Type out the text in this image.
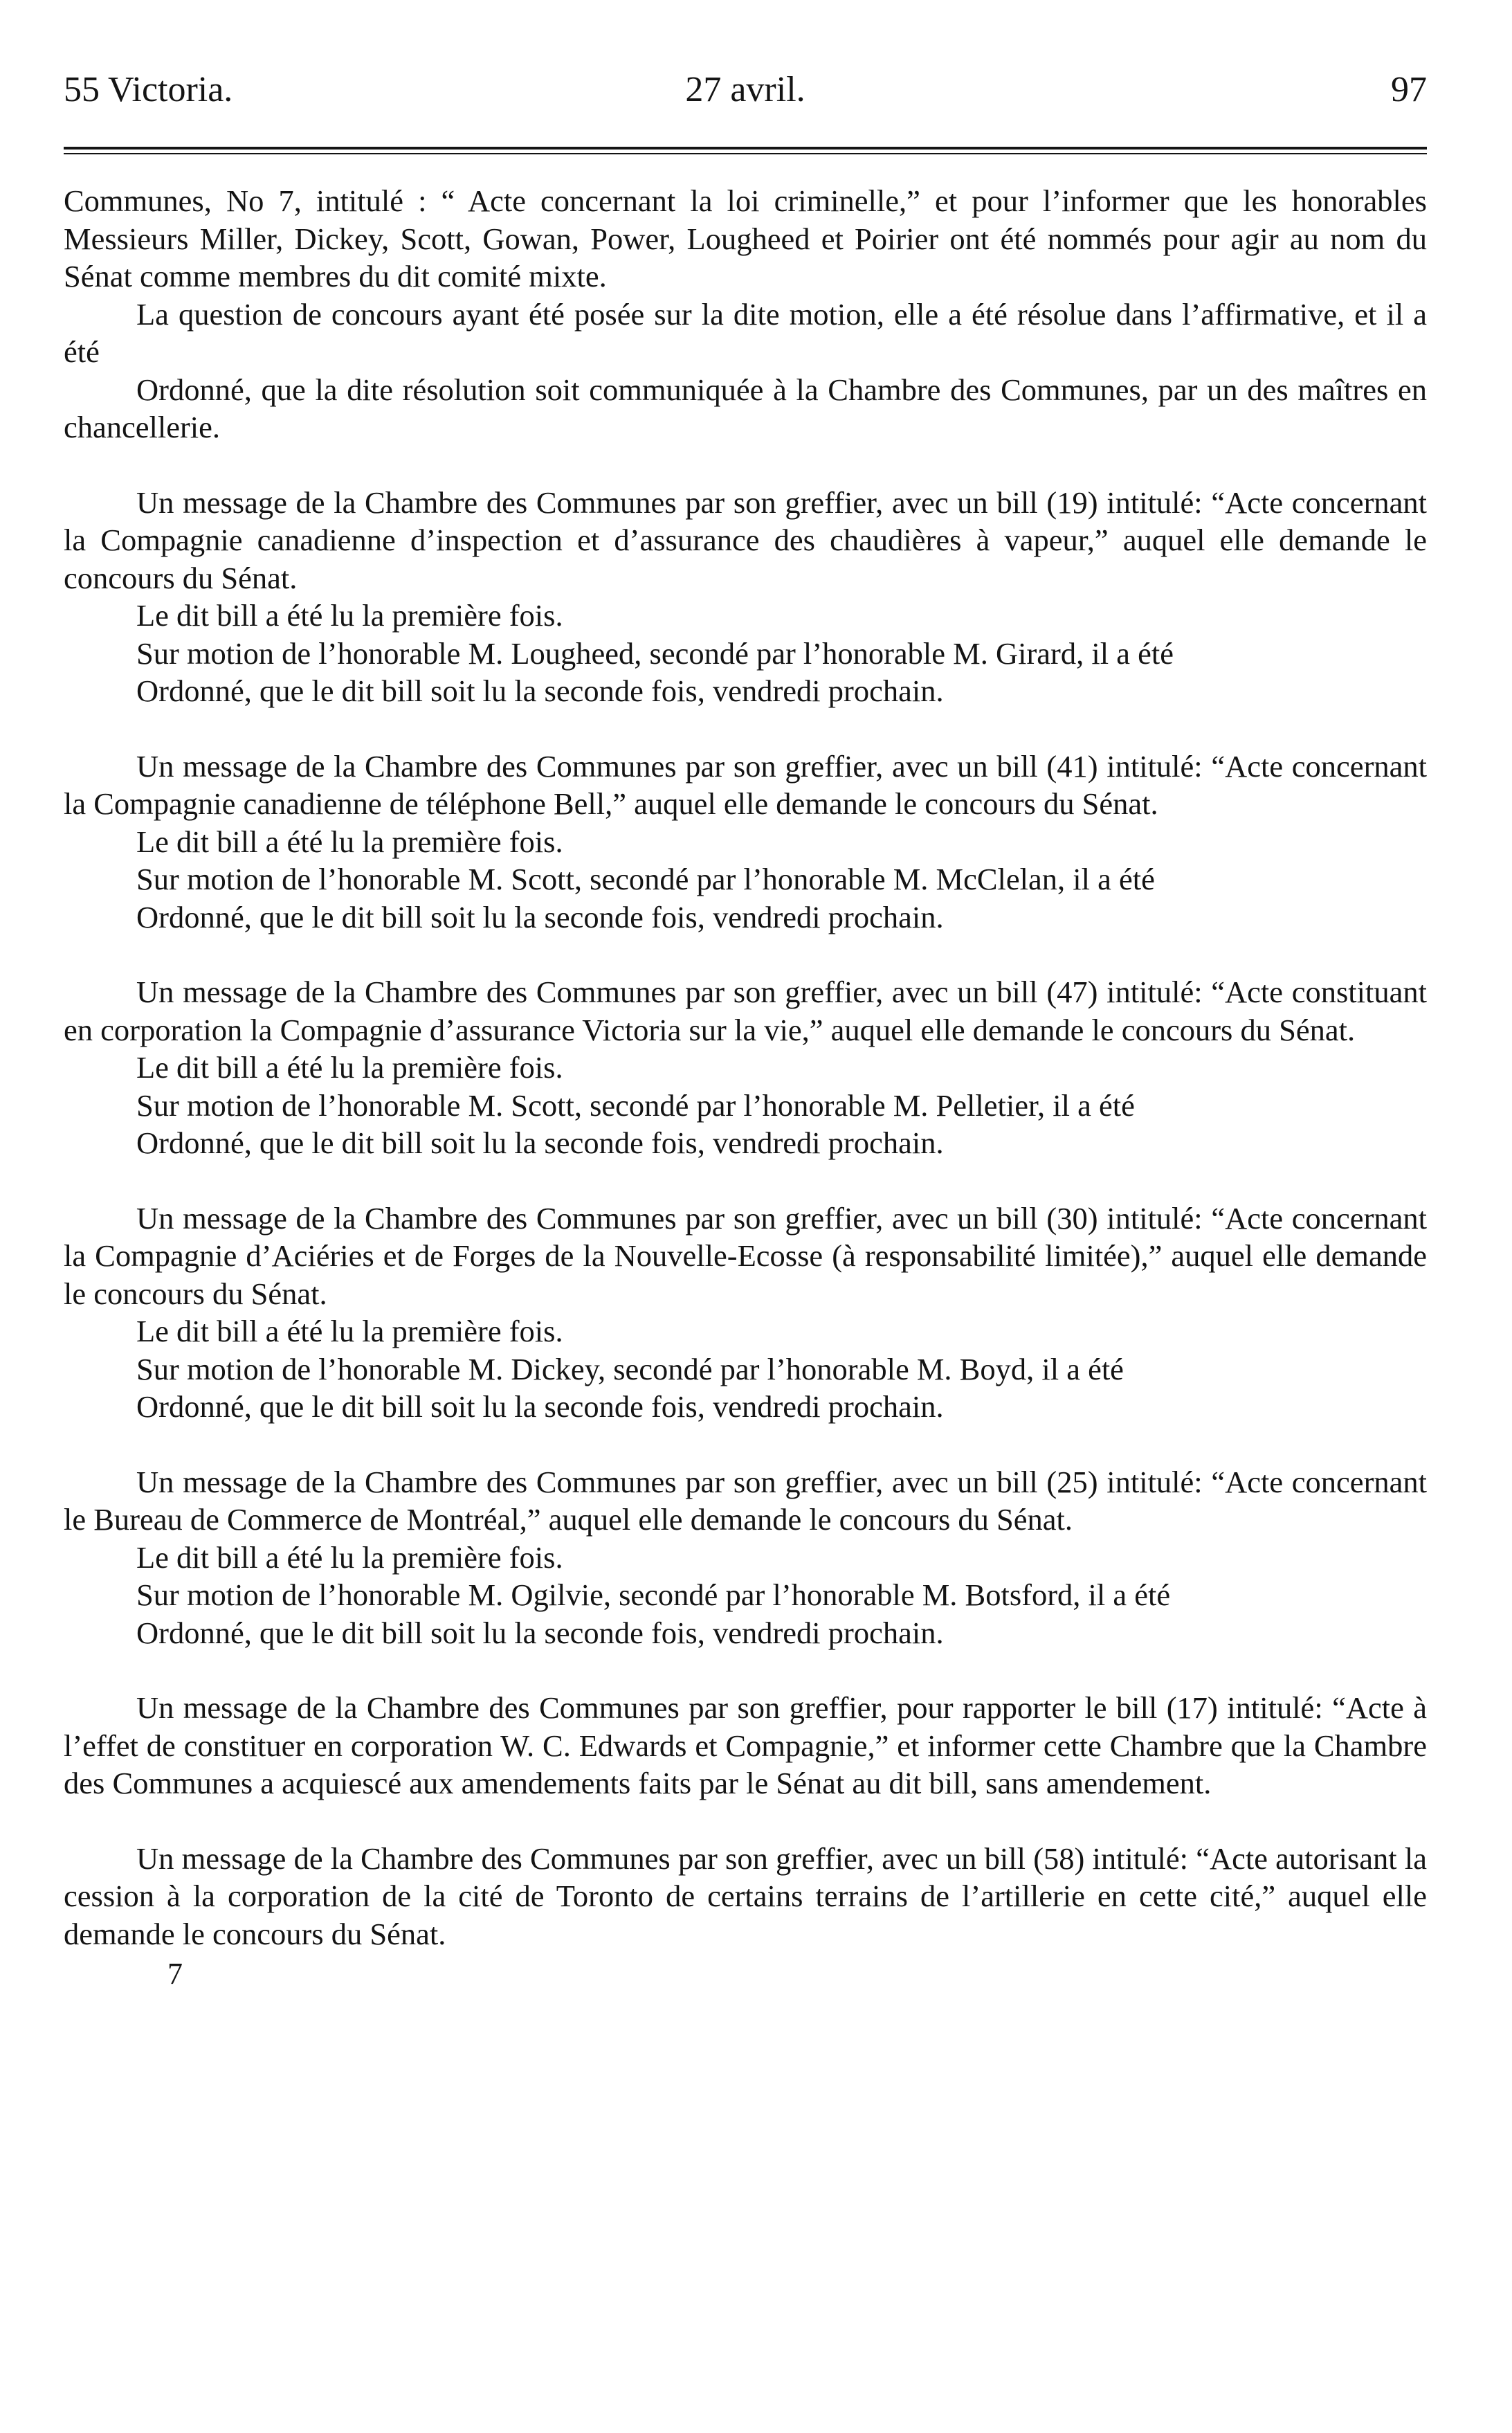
55 Victoria.	27 avril.	97

Communes, No 7, intitulé : “ Acte concernant la loi criminelle,” et pour l’informer que les honorables Messieurs Miller, Dickey, Scott, Gowan, Power, Lougheed et Poirier ont été nommés pour agir au nom du Sénat comme membres du dit comité mixte.

La question de concours ayant été posée sur la dite motion, elle a été résolue dans l’affirmative, et il a été

Ordonné, que la dite résolution soit communiquée à la Chambre des Communes, par un des maîtres en chancellerie.

Un message de la Chambre des Communes par son greffier, avec un bill (19) intitulé: “Acte concernant la Compagnie canadienne d’inspection et d’assurance des chaudières à vapeur,” auquel elle demande le concours du Sénat.

Le dit bill a été lu la première fois.

Sur motion de l’honorable M. Lougheed, secondé par l’honorable M. Girard, il a été

Ordonné, que le dit bill soit lu la seconde fois, vendredi prochain.

Un message de la Chambre des Communes par son greffier, avec un bill (41) intitulé: “Acte concernant la Compagnie canadienne de téléphone Bell,” auquel elle demande le concours du Sénat.

Le dit bill a été lu la première fois.

Sur motion de l’honorable M. Scott, secondé par l’honorable M. McClelan, il a été

Ordonné, que le dit bill soit lu la seconde fois, vendredi prochain.

Un message de la Chambre des Communes par son greffier, avec un bill (47) intitulé: “Acte constituant en corporation la Compagnie d’assurance Victoria sur la vie,” auquel elle demande le concours du Sénat.

Le dit bill a été lu la première fois.

Sur motion de l’honorable M. Scott, secondé par l’honorable M. Pelletier, il a été

Ordonné, que le dit bill soit lu la seconde fois, vendredi prochain.

Un message de la Chambre des Communes par son greffier, avec un bill (30) intitulé: “Acte concernant la Compagnie d’Aciéries et de Forges de la Nouvelle-Ecosse (à responsabilité limitée),” auquel elle demande le concours du Sénat.

Le dit bill a été lu la première fois.

Sur motion de l’honorable M. Dickey, secondé par l’honorable M. Boyd, il a été

Ordonné, que le dit bill soit lu la seconde fois, vendredi prochain.

Un message de la Chambre des Communes par son greffier, avec un bill (25) intitulé: “Acte concernant le Bureau de Commerce de Montréal,” auquel elle demande le concours du Sénat.

Le dit bill a été lu la première fois.

Sur motion de l’honorable M. Ogilvie, secondé par l’honorable M. Botsford, il a été

Ordonné, que le dit bill soit lu la seconde fois, vendredi prochain.

Un message de la Chambre des Communes par son greffier, pour rapporter le bill (17) intitulé: “Acte à l’effet de constituer en corporation W. C. Edwards et Compagnie,” et informer cette Chambre que la Chambre des Communes a acquiescé aux amendements faits par le Sénat au dit bill, sans amendement.

Un message de la Chambre des Communes par son greffier, avec un bill (58) intitulé: “Acte autorisant la cession à la corporation de la cité de Toronto de certains terrains de l’artillerie en cette cité,” auquel elle demande le concours du Sénat.

7
